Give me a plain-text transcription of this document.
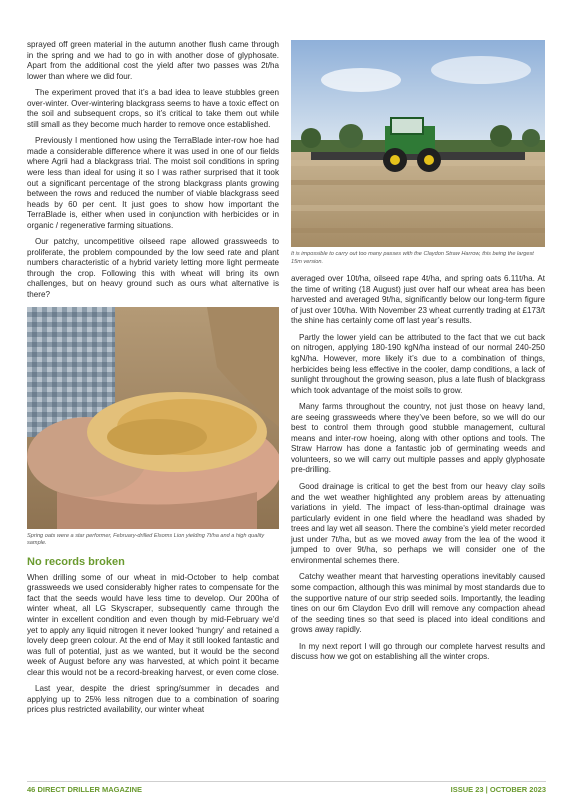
sprayed off green material in the autumn another flush came through in the spring and we had to go in with another dose of glyphosate. Apart from the additional cost the yield after two passes was 2t/ha lower than where we did four.

The experiment proved that it’s a bad idea to leave stubbles green over-winter. Over-wintering blackgrass seems to have a toxic effect on the soil and subsequent crops, so it’s critical to take them out while still small as they become much harder to remove once established.

Previously I mentioned how using the TerraBlade inter-row hoe had made a considerable difference where it was used in one of our fields where Agrii had a blackgrass trial. The moist soil conditions in spring were less than ideal for using it so I was rather surprised that it took out a significant percentage of the strong blackgrass plants growing between the rows and reduced the number of viable blackgrass seed heads by 60 per cent. It just goes to show how important the TerraBlade is, either when used in conjunction with herbicides or in organic / regenerative farming situations.

Our patchy, uncompetitive oilseed rape allowed grassweeds to proliferate, the problem compounded by the low seed rate and plant numbers characteristic of a hybrid variety letting more light permeate through the crop. Following this with wheat will bring its own challenges, but on heavy ground such as ours what alternative is there?

Spring oats were a star performer, February-drilled Elsoms Lion yielding 7t/ha and a high quality sample.

No records broken

When drilling some of our wheat in mid-October to help combat grassweeds we used considerably higher rates to compensate for the fact that the seeds would have less time to develop. Our 200ha of winter wheat, all LG Skyscraper, subsequently came through the winter in excellent condition and even though by mid-February we’d yet to apply any liquid nitrogen it never looked ‘hungry’ and retained a lovely deep green colour. At the end of May it still looked fantastic and was full of potential, just as we wanted, but it would be the second week of August before any was harvested, at which point it became clear this would not be a record-breaking harvest, or even come close.

Last year, despite the driest spring/summer in decades and applying up to 25% less nitrogen due to a combination of soaring prices plus restricted availability, our winter wheat

It is impossible to carry out too many passes with the Claydon Straw Harrow, this being the largest 15m version.

averaged over 10t/ha, oilseed rape 4t/ha, and spring oats 6.11t/ha. At the time of writing (18 August) just over half our wheat area has been harvested and averaged 9t/ha, significantly below our long-term figure of just over 10t/ha. With November 23 wheat currently trading at £173/t the shine has certainly come off last year’s results.

Partly the lower yield can be attributed to the fact that we cut back on nitrogen, applying 180-190 kgN/ha instead of our normal 240-250 kgN/ha. However, more likely it’s due to a combination of things, herbicides being less effective in the cooler, damp conditions, a lack of sunlight throughout the growing season, plus a late flush of blackgrass which took advantage of the moist soils to grow.

Many farms throughout the country, not just those on heavy land, are seeing grassweeds where they’ve been before, so we will do our best to control them through good stubble management, cultural means and inter-row hoeing, along with other options and tools. The Straw Harrow has done a fantastic job of germinating weeds and volunteers, so we will carry out multiple passes and apply glyphosate pre-drilling.

Good drainage is critical to get the best from our heavy clay soils and the wet weather highlighted any problem areas by attenuating variations in yield. The impact of less-than-optimal drainage was particularly evident in one field where the headland was shaded by trees and lay wet all season. There the combine’s yield meter recorded just under 7t/ha, but as we moved away from the lea of the wood it jumped to over 9t/ha, so perhaps we will consider one of the environmental schemes there.

Catchy weather meant that harvesting operations inevitably caused some compaction, although this was minimal by most standards due to the supportive nature of our strip seeded soils. Importantly, the leading tines on our 6m Claydon Evo drill will remove any compaction ahead of the seeding tines so that seed is placed into ideal conditions and grows away rapidly.

In my next report I will go through our complete harvest results and discuss how we got on establishing all the winter crops.

46 DIRECT DRILLER MAGAZINE	ISSUE 23 | OCTOBER 2023
